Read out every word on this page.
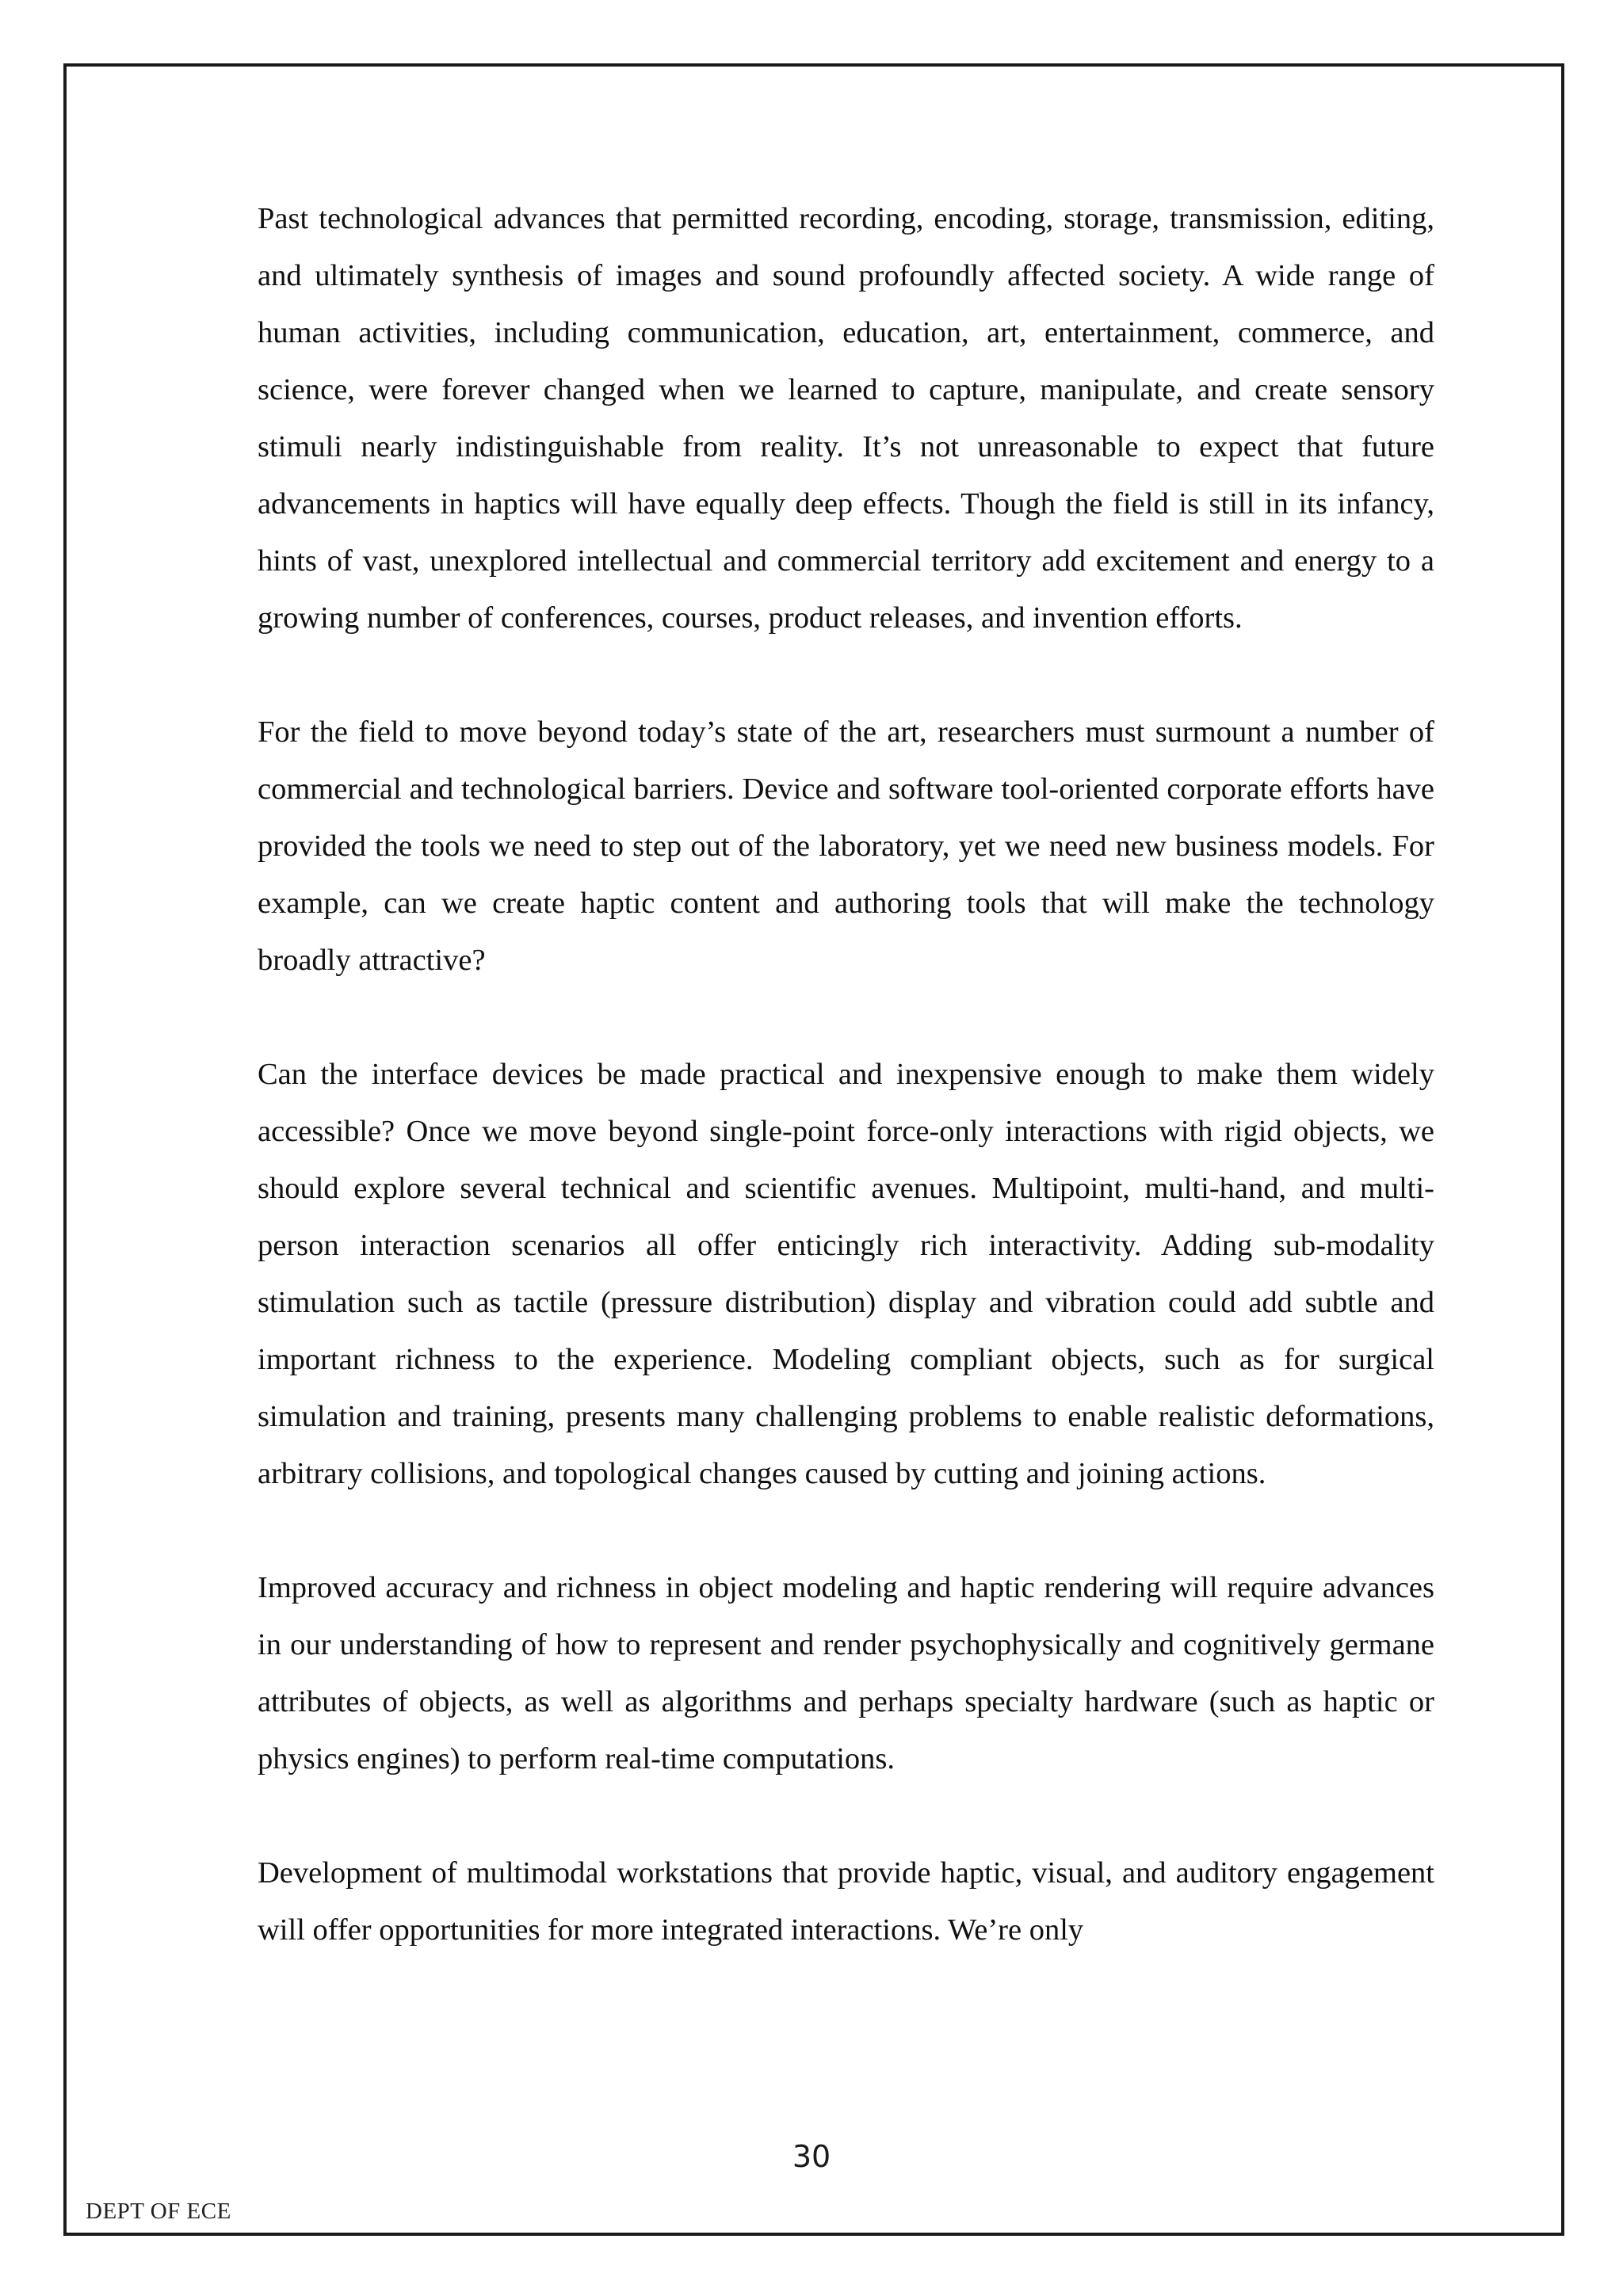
Past technological advances that permitted recording, encoding, storage, transmission, editing, and ultimately synthesis of images and sound profoundly affected society. A wide range of human activities, including communication, education, art, entertainment, commerce, and science, were forever changed when we learned to capture, manipulate, and create sensory stimuli nearly indistinguishable from reality. It’s not unreasonable to expect that future advancements in haptics will have equally deep effects. Though the field is still in its infancy, hints of vast, unexplored intellectual and commercial territory add excitement and energy to a growing number of conferences, courses, product releases, and invention efforts.

For the field to move beyond today’s state of the art, researchers must surmount a number of commercial and technological barriers. Device and software tool-oriented corporate efforts have provided the tools we need to step out of the laboratory, yet we need new business models. For example, can we create haptic content and authoring tools that will make the technology broadly attractive?

Can the interface devices be made practical and inexpensive enough to make them widely accessible? Once we move beyond single-point force-only interactions with rigid objects, we should explore several technical and scientific avenues. Multipoint, multi-hand, and multi-person interaction scenarios all offer enticingly rich interactivity. Adding sub-modality stimulation such as tactile (pressure distribution) display and vibration could add subtle and important richness to the experience. Modeling compliant objects, such as for surgical simulation and training, presents many challenging problems to enable realistic deformations, arbitrary collisions, and topological changes caused by cutting and joining actions.

Improved accuracy and richness in object modeling and haptic rendering will require advances in our understanding of how to represent and render psychophysically and cognitively germane attributes of objects, as well as algorithms and perhaps specialty hardware (such as haptic or physics engines) to perform real-time computations.

Development of multimodal workstations that provide haptic, visual, and auditory engagement will offer opportunities for more integrated interactions. We’re only

30
DEPT OF ECE
